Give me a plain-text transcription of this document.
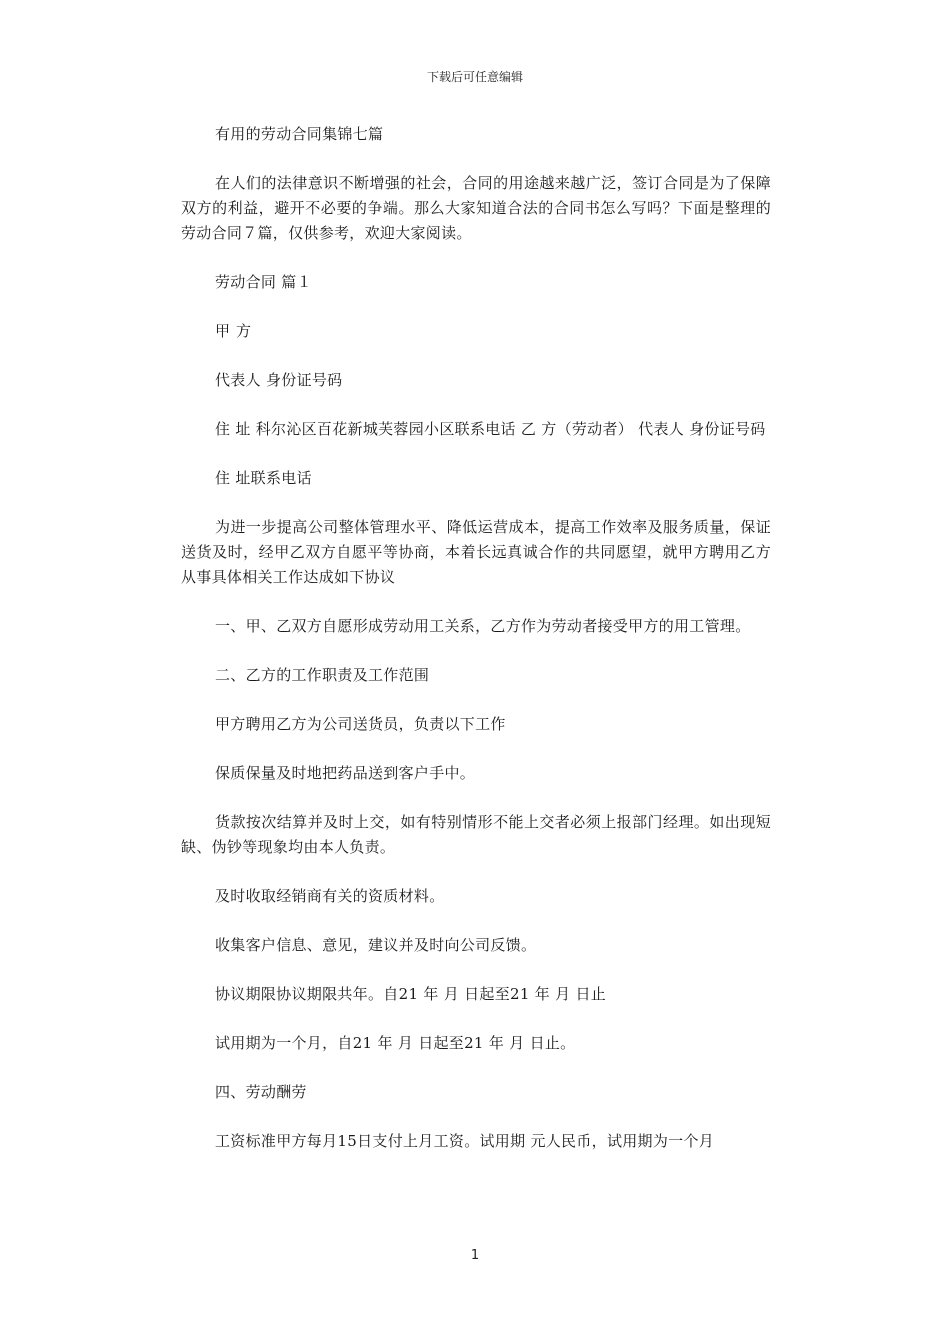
下载后可任意编辑

有用的劳动合同集锦七篇

在人们的法律意识不断增强的社会，合同的用途越来越广泛，签订合同是为了保障双方的利益，避开不必要的争端。那么大家知道合法的合同书怎么写吗？下面是整理的劳动合同７篇，仅供参考，欢迎大家阅读。

劳动合同 篇１

甲方

代表人 身份证号码

住 址 科尔沁区百花新城芙蓉园小区联系电话 乙 方（劳动者） 代表人 身份证号码

住 址联系电话

为进一步提高公司整体管理水平、降低运营成本，提高工作效率及服务质量，保证送货及时，经甲乙双方自愿平等协商，本着长远真诚合作的共同愿望，就甲方聘用乙方从事具体相关工作达成如下协议

一、甲、乙双方自愿形成劳动用工关系，乙方作为劳动者接受甲方的用工管理。

二、乙方的工作职责及工作范围

甲方聘用乙方为公司送货员，负责以下工作

保质保量及时地把药品送到客户手中。

货款按次结算并及时上交，如有特别情形不能上交者必须上报部门经理。如出现短缺、伪钞等现象均由本人负责。

及时收取经销商有关的资质材料。

收集客户信息、意见，建议并及时向公司反馈。

协议期限协议期限共年。自21 年 月 日起至21 年 月 日止

试用期为一个月，自21 年 月 日起至21 年 月 日止。

四、劳动酬劳

工资标准甲方每月15日支付上月工资。试用期 元人民币，试用期为一个月

1
